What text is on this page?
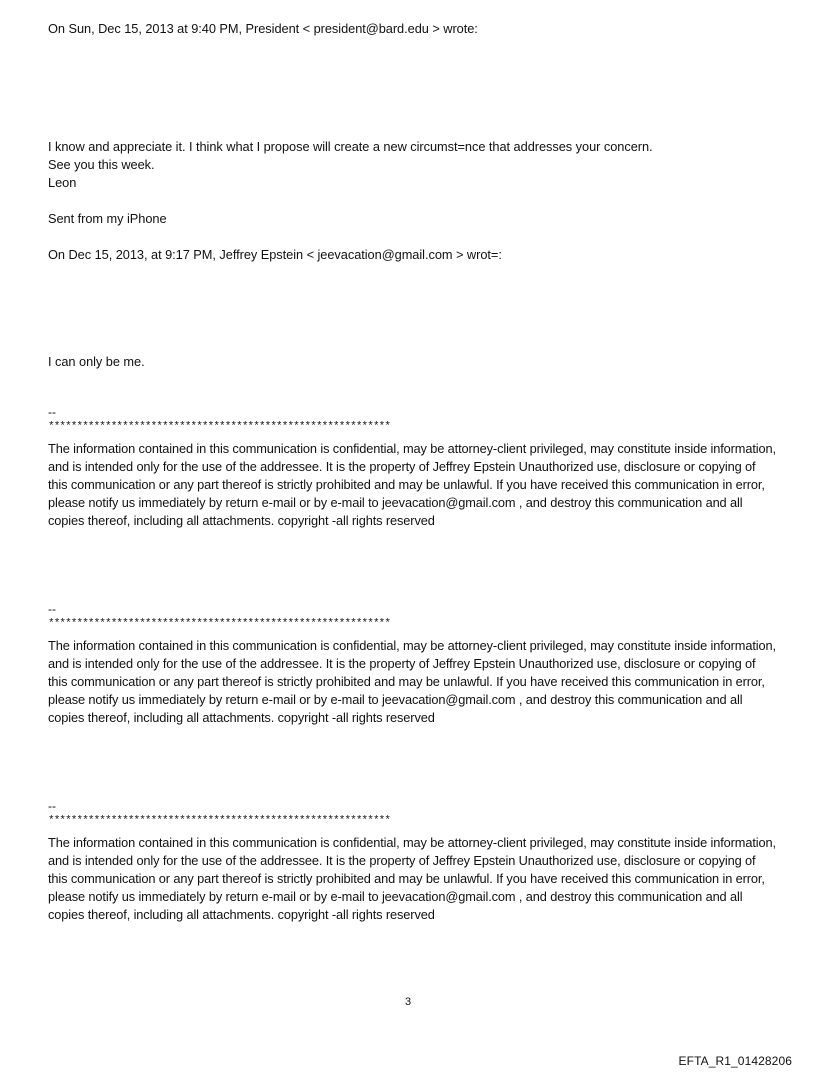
On Sun, Dec 15, 2013 at 9:40 PM, President < president@bard.edu > wrote:

I know and appreciate it. I think what I propose will create a new circumst=nce that addresses your concern.

See you this week.

Leon

Sent from my iPhone

On Dec 15, 2013, at 9:17 PM, Jeffrey Epstein < jeevacation@gmail.com > wrot=:

I can only be me.

--

************************************************************

The information contained in this communication is confidential, may be attorney-client privileged, may constitute inside information, and is intended only for the use of the addressee. It is the property of Jeffrey Epstein Unauthorized use, disclosure or copying of this communication or any part thereof is strictly prohibited and may be unlawful. If you have received this communication in error, please notify us immediately by return e-mail or by e-mail to jeevacation@gmail.com , and destroy this communication and all copies thereof, including all attachments. copyright -all rights reserved

--

************************************************************

The information contained in this communication is confidential, may be attorney-client privileged, may constitute inside information, and is intended only for the use of the addressee. It is the property of Jeffrey Epstein Unauthorized use, disclosure or copying of this communication or any part thereof is strictly prohibited and may be unlawful. If you have received this communication in error, please notify us immediately by return e-mail or by e-mail to jeevacation@gmail.com , and destroy this communication and all copies thereof, including all attachments. copyright -all rights reserved

--

************************************************************

The information contained in this communication is confidential, may be attorney-client privileged, may constitute inside information, and is intended only for the use of the addressee. It is the property of Jeffrey Epstein Unauthorized use, disclosure or copying of this communication or any part thereof is strictly prohibited and may be unlawful. If you have received this communication in error, please notify us immediately by return e-mail or by e-mail to jeevacation@gmail.com , and destroy this communication and all copies thereof, including all attachments. copyright -all rights reserved

3

EFTA_R1_01428206
